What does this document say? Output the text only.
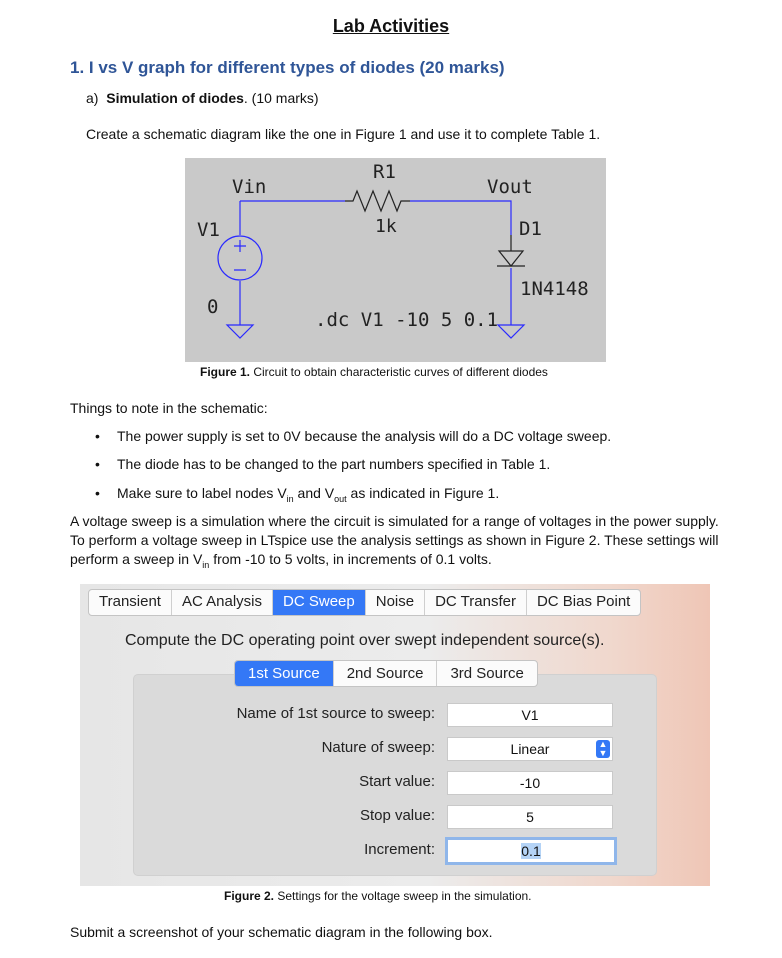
Lab Activities
1. I vs V graph for different types of diodes (20 marks)
a) Simulation of diodes. (10 marks)
Create a schematic diagram like the one in Figure 1 and use it to complete Table 1.
Vin
R1
Vout
V1	1k	D1
0
1N4148
.dc V1 -10 5 0.1
Figure 1. Circuit to obtain characteristic curves of different diodes
Things to note in the schematic:
• The power supply is set to 0V because the analysis will do a DC voltage sweep.
• The diode has to be changed to the part numbers specified in Table 1.
• Make sure to label nodes $V_{in}$ and $V_{out}$ as indicated in Figure 1.
A voltage sweep is a simulation where the circuit is simulated for a range of voltages in the power supply. To perform a voltage sweep in LTspice use the analysis settings as shown in Figure 2. These settings will perform a sweep in $V_{in}$ from -10 to 5 volts, in increments of 0.1 volts.
Transient	AC Analysis	DC Sweep	Noise	DC Transfer	DC Bias Point
Compute the DC operating point over swept independent source(s).
1st Source	2nd Source	3rd Source
Name of 1st source to sweep:	V1
Nature of sweep:	Linear	▲
▼
Start value:	-10
Stop value:	5
Increment:	0.1
Figure 2. Settings for the voltage sweep in the simulation.
Submit a screenshot of your schematic diagram in the following box.
